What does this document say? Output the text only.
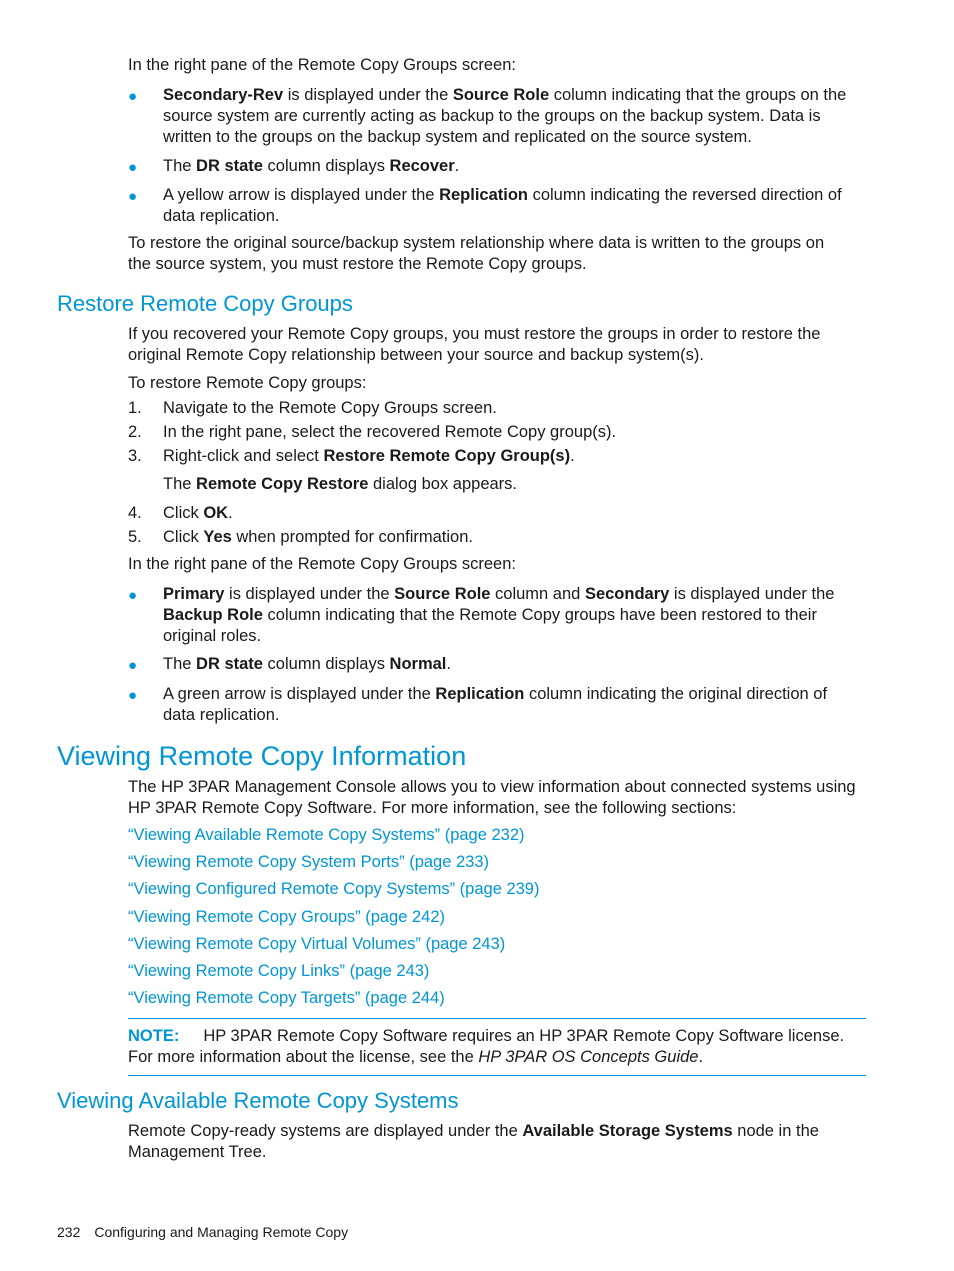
In the right pane of the Remote Copy Groups screen:

● Secondary-Rev is displayed under the Source Role column indicating that the groups on the

source system are currently acting as backup to the groups on the backup system. Data is

written to the groups on the backup system and replicated on the source system.

● The DR state column displays Recover.

● A yellow arrow is displayed under the Replication column indicating the reversed direction of

data replication.

To restore the original source/backup system relationship where data is written to the groups on

the source system, you must restore the Remote Copy groups.

Restore Remote Copy Groups

If you recovered your Remote Copy groups, you must restore the groups in order to restore the

original Remote Copy relationship between your source and backup system(s).

To restore Remote Copy groups:

1. Navigate to the Remote Copy Groups screen.

2. In the right pane, select the recovered Remote Copy group(s).

3. Right-click and select Restore Remote Copy Group(s).

The Remote Copy Restore dialog box appears.

4. Click OK.

5. Click Yes when prompted for confirmation.

In the right pane of the Remote Copy Groups screen:

● Primary is displayed under the Source Role column and Secondary is displayed under the

Backup Role column indicating that the Remote Copy groups have been restored to their

original roles.

● The DR state column displays Normal.

● A green arrow is displayed under the Replication column indicating the original direction of

data replication.

Viewing Remote Copy Information

The HP 3PAR Management Console allows you to view information about connected systems using

HP 3PAR Remote Copy Software. For more information, see the following sections:

“Viewing Available Remote Copy Systems” (page 232)
“Viewing Remote Copy System Ports” (page 233)
“Viewing Configured Remote Copy Systems” (page 239)
“Viewing Remote Copy Groups” (page 242)
“Viewing Remote Copy Virtual Volumes” (page 243)
“Viewing Remote Copy Links” (page 243)
“Viewing Remote Copy Targets” (page 244)
NOTE: HP 3PAR Remote Copy Software requires an HP 3PAR Remote Copy Software license.
For more information about the license, see the HP 3PAR OS Concepts Guide.
Viewing Available Remote Copy Systems

Remote Copy-ready systems are displayed under the Available Storage Systems node in the

Management Tree.

232 Configuring and Managing Remote Copy
